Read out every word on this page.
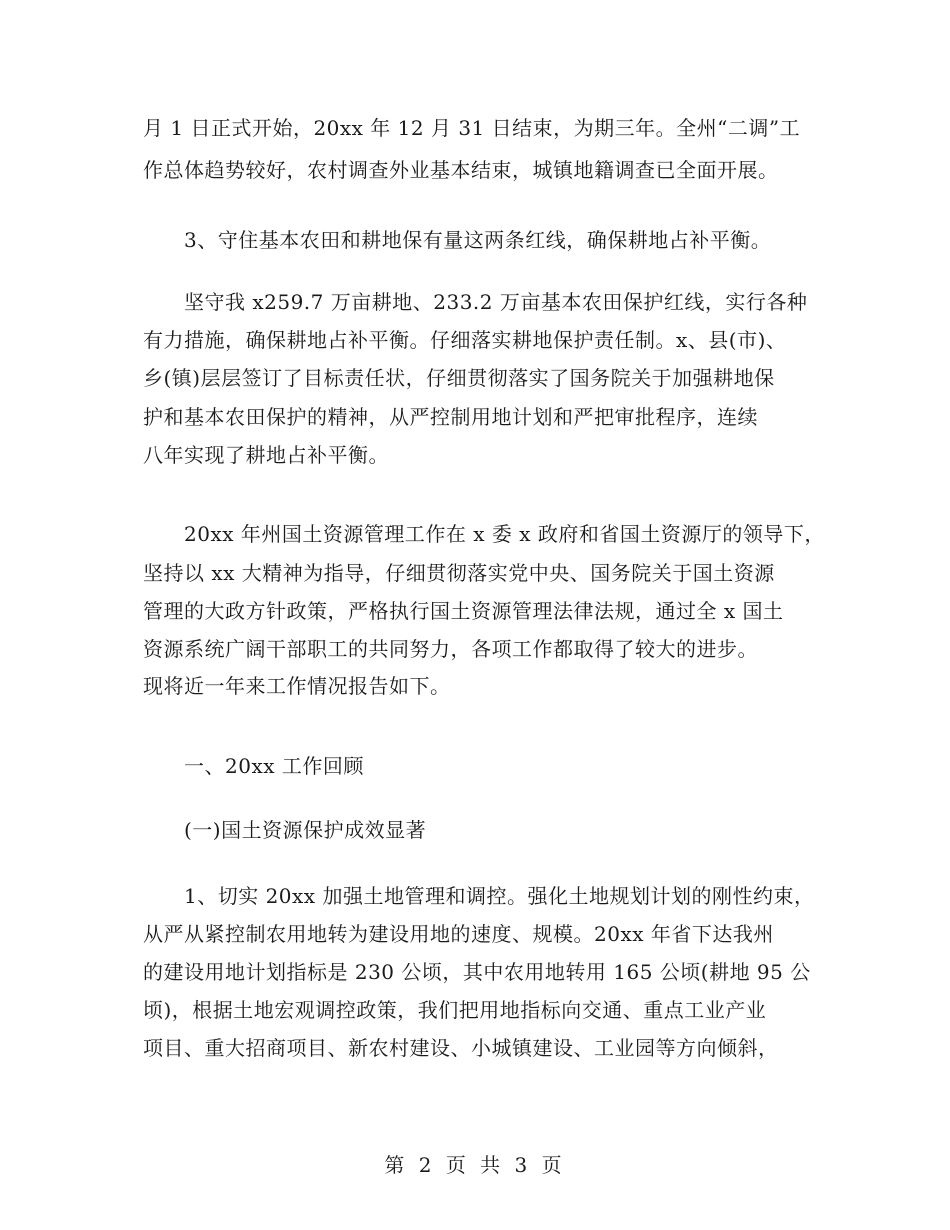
月 1 日正式开始，20xx 年 12 月 31 日结束，为期三年。全州“二调”工
作总体趋势较好，农村调查外业基本结束，城镇地籍调查已全面开展。
3、守住基本农田和耕地保有量这两条红线，确保耕地占补平衡。
坚守我 x259.7 万亩耕地、233.2 万亩基本农田保护红线，实行各种
有力措施，确保耕地占补平衡。仔细落实耕地保护责任制。x、县(市)、
乡(镇)层层签订了目标责任状，仔细贯彻落实了国务院关于加强耕地保
护和基本农田保护的精神，从严控制用地计划和严把审批程序，连续
八年实现了耕地占补平衡。
20xx 年州国土资源管理工作在 x 委 x 政府和省国土资源厅的领导下，
坚持以 xx 大精神为指导，仔细贯彻落实党中央、国务院关于国土资源
管理的大政方针政策，严格执行国土资源管理法律法规，通过全 x 国土
资源系统广阔干部职工的共同努力，各项工作都取得了较大的进步。
现将近一年来工作情况报告如下。
一、20xx 工作回顾
(一)国土资源保护成效显著
1、切实 20xx 加强土地管理和调控。强化土地规划计划的刚性约束，
从严从紧控制农用地转为建设用地的速度、规模。20xx 年省下达我州
的建设用地计划指标是 230 公顷，其中农用地转用 165 公顷(耕地 95 公
顷)，根据土地宏观调控政策，我们把用地指标向交通、重点工业产业
项目、重大招商项目、新农村建设、小城镇建设、工业园等方向倾斜，
第 2 页 共 3 页
